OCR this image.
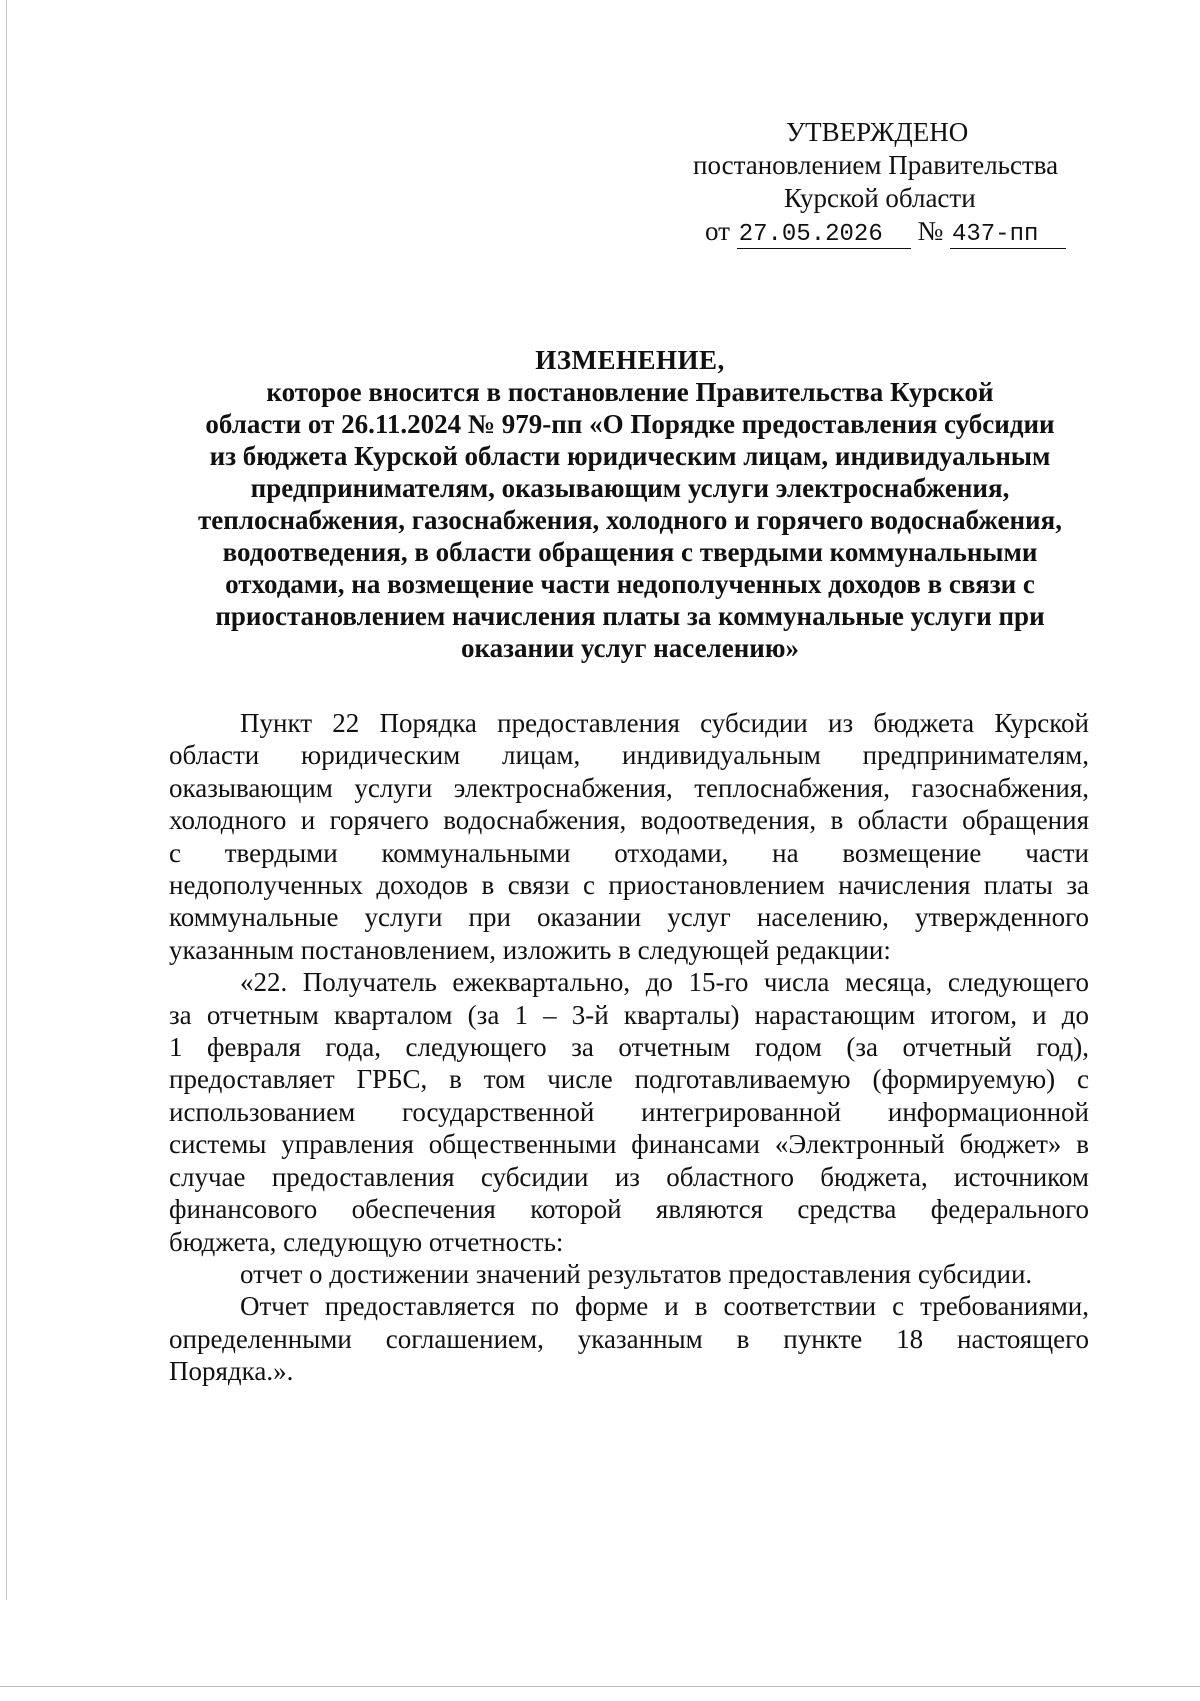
УТВЕРЖДЕНО
постановлением Правительства
Курской области
от 27.05.2026 № 437-пп
ИЗМЕНЕНИЕ,
которое вносится в постановление Правительства Курской
области от 26.11.2024 № 979-пп «О Порядке предоставления субсидии
из бюджета Курской области юридическим лицам, индивидуальным
предпринимателям, оказывающим услуги электроснабжения,
теплоснабжения, газоснабжения, холодного и горячего водоснабжения,
водоотведения, в области обращения с твердыми коммунальными
отходами, на возмещение части недополученных доходов в связи с
приостановлением начисления платы за коммунальные услуги при
оказании услуг населению»
Пункт 22 Порядка предоставления субсидии из бюджета Курской
области юридическим лицам, индивидуальным предпринимателям,
оказывающим услуги электроснабжения, теплоснабжения, газоснабжения,
холодного и горячего водоснабжения, водоотведения, в области обращения
с твердыми коммунальными отходами, на возмещение части
недополученных доходов в связи с приостановлением начисления платы за
коммунальные услуги при оказании услуг населению, утвержденного
указанным постановлением, изложить в следующей редакции:
«22. Получатель ежеквартально, до 15-го числа месяца, следующего
за отчетным кварталом (за 1 – 3-й кварталы) нарастающим итогом, и до
1 февраля года, следующего за отчетным годом (за отчетный год),
предоставляет ГРБС, в том числе подготавливаемую (формируемую) с
использованием государственной интегрированной информационной
системы управления общественными финансами «Электронный бюджет» в
случае предоставления субсидии из областного бюджета, источником
финансового обеспечения которой являются средства федерального
бюджета, следующую отчетность:
отчет о достижении значений результатов предоставления субсидии.
Отчет предоставляется по форме и в соответствии с требованиями,
определенными соглашением, указанным в пункте 18 настоящего
Порядка.».
